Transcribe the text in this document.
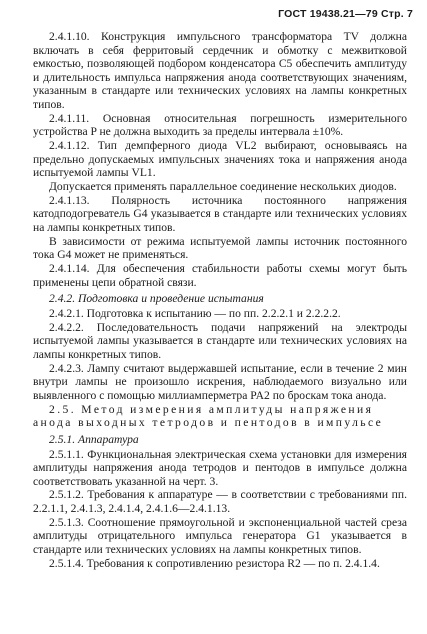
ГОСТ 19438.21—79 Стр. 7

2.4.1.10. Конструкция импульсного трансформатора TV должна включать в себя ферритовый сердечник и обмотку с межвитковой емкостью, позволяющей подбором конденсатора C5 обеспечить амплитуду и длительность импульса напряжения анода соответствующих значениям, указанным в стандарте или технических условиях на лампы конкретных типов.

2.4.1.11. Основная относительная погрешность измерительного устройства P не должна выходить за пределы интервала ±10%.

2.4.1.12. Тип демпферного диода VL2 выбирают, основываясь на предельно допускаемых импульсных значениях тока и напряжения анода испытуемой лампы VL1.

Допускается применять параллельное соединение нескольких диодов.

2.4.1.13. Полярность источника постоянного напряжения катодподогреватель G4 указывается в стандарте или технических условиях на лампы конкретных типов.

В зависимости от режима испытуемой лампы источник постоянного тока G4 может не применяться.

2.4.1.14. Для обеспечения стабильности работы схемы могут быть применены цепи обратной связи.

2.4.2. Подготовка и проведение испытания

2.4.2.1. Подготовка к испытанию — по пп. 2.2.2.1 и 2.2.2.2.

2.4.2.2. Последовательность подачи напряжений на электроды испытуемой лампы указывается в стандарте или технических условиях на лампы конкретных типов.

2.4.2.3. Лампу считают выдержавшей испытание, если в течение 2 мин внутри лампы не произошло искрения, наблюдаемого визуально или выявленного с помощью миллиамперметра PA2 по броскам тока анода.

2.5. Метод измерения амплитуды напряжения анода выходных тетродов и пентодов в импульсе

2.5.1. Аппаратура

2.5.1.1. Функциональная электрическая схема установки для измерения амплитуды напряжения анода тетродов и пентодов в импульсе должна соответствовать указанной на черт. 3.

2.5.1.2. Требования к аппаратуре — в соответствии с требованиями пп. 2.2.1.1, 2.4.1.3, 2.4.1.4, 2.4.1.6—2.4.1.13.

2.5.1.3. Соотношение прямоугольной и экспоненциальной частей среза амплитуды отрицательного импульса генератора G1 указывается в стандарте или технических условиях на лампы конкретных типов.

2.5.1.4. Требования к сопротивлению резистора R2 — по п. 2.4.1.4.
